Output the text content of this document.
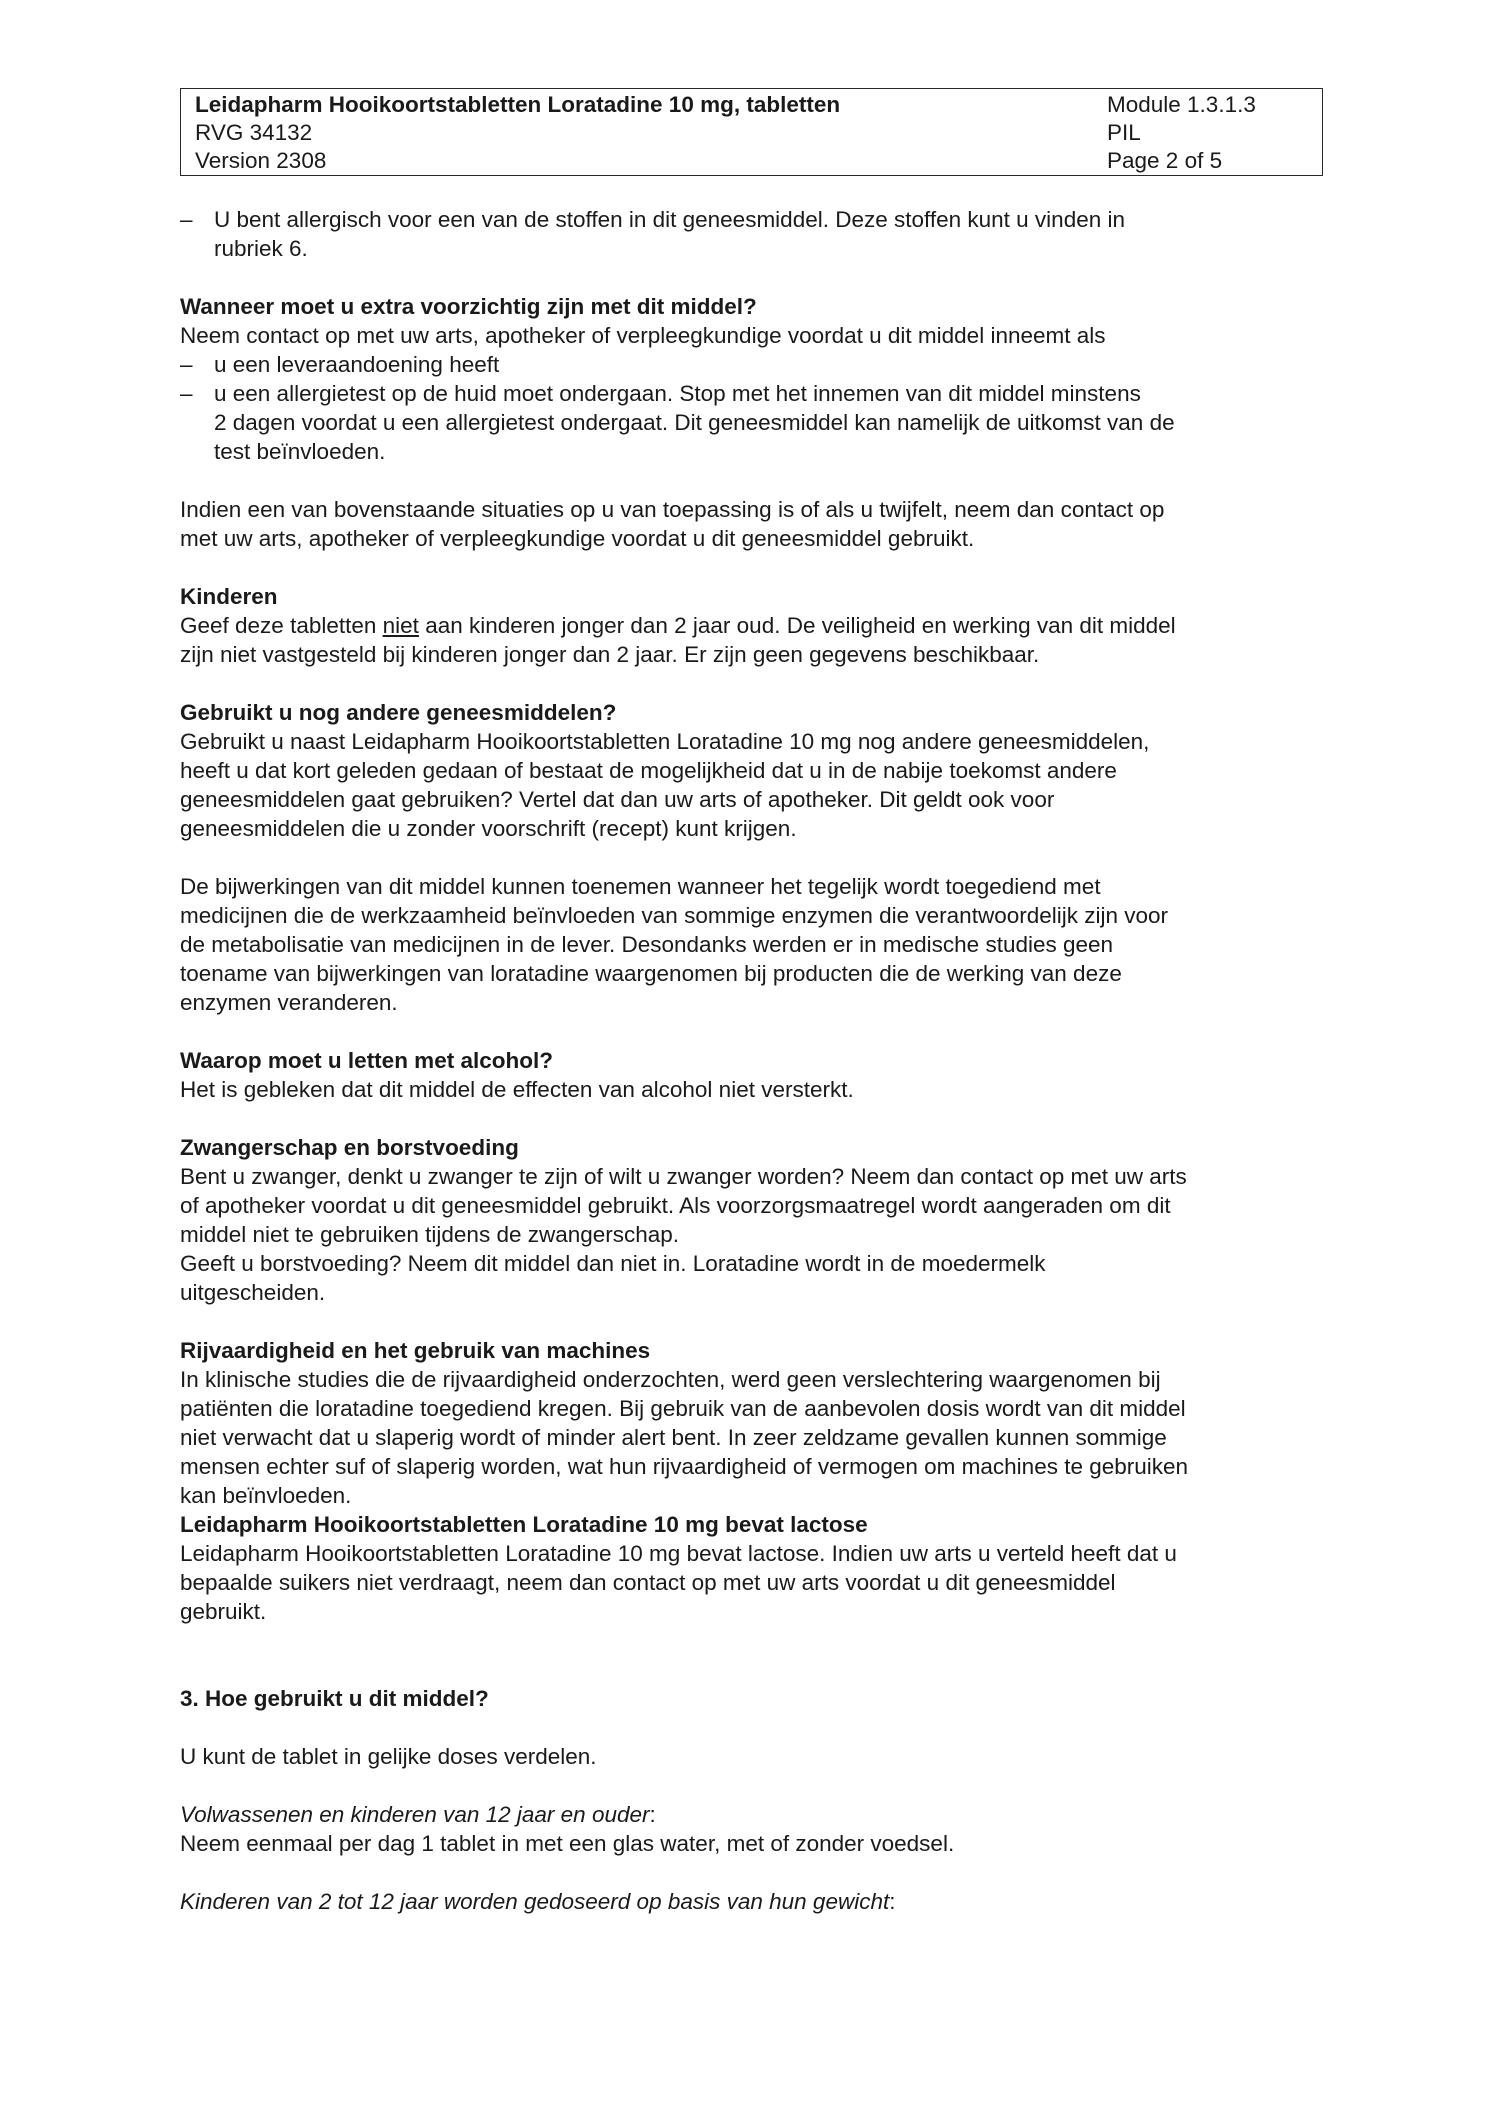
Leidapharm Hooikoortstabletten Loratadine 10 mg, tabletten
RVG 34132
Version 2308
Module 1.3.1.3
PIL
Page 2 of 5
– U bent allergisch voor een van de stoffen in dit geneesmiddel. Deze stoffen kunt u vinden in

rubriek 6.

Wanneer moet u extra voorzichtig zijn met dit middel?

Neem contact op met uw arts, apotheker of verpleegkundige voordat u dit middel inneemt als

– u een leveraandoening heeft

– u een allergietest op de huid moet ondergaan. Stop met het innemen van dit middel minstens

2 dagen voordat u een allergietest ondergaat. Dit geneesmiddel kan namelijk de uitkomst van de

test beïnvloeden.

Indien een van bovenstaande situaties op u van toepassing is of als u twijfelt, neem dan contact op

met uw arts, apotheker of verpleegkundige voordat u dit geneesmiddel gebruikt.

Kinderen

Geef deze tabletten niet aan kinderen jonger dan 2 jaar oud. De veiligheid en werking van dit middel

zijn niet vastgesteld bij kinderen jonger dan 2 jaar. Er zijn geen gegevens beschikbaar.

Gebruikt u nog andere geneesmiddelen?

Gebruikt u naast Leidapharm Hooikoortstabletten Loratadine 10 mg nog andere geneesmiddelen,

heeft u dat kort geleden gedaan of bestaat de mogelijkheid dat u in de nabije toekomst andere

geneesmiddelen gaat gebruiken? Vertel dat dan uw arts of apotheker. Dit geldt ook voor

geneesmiddelen die u zonder voorschrift (recept) kunt krijgen.

De bijwerkingen van dit middel kunnen toenemen wanneer het tegelijk wordt toegediend met

medicijnen die de werkzaamheid beïnvloeden van sommige enzymen die verantwoordelijk zijn voor

de metabolisatie van medicijnen in de lever. Desondanks werden er in medische studies geen

toename van bijwerkingen van loratadine waargenomen bij producten die de werking van deze

enzymen veranderen.

Waarop moet u letten met alcohol?

Het is gebleken dat dit middel de effecten van alcohol niet versterkt.

Zwangerschap en borstvoeding

Bent u zwanger, denkt u zwanger te zijn of wilt u zwanger worden? Neem dan contact op met uw arts

of apotheker voordat u dit geneesmiddel gebruikt. Als voorzorgsmaatregel wordt aangeraden om dit

middel niet te gebruiken tijdens de zwangerschap.

Geeft u borstvoeding? Neem dit middel dan niet in. Loratadine wordt in de moedermelk

uitgescheiden.

Rijvaardigheid en het gebruik van machines

In klinische studies die de rijvaardigheid onderzochten, werd geen verslechtering waargenomen bij

patiënten die loratadine toegediend kregen. Bij gebruik van de aanbevolen dosis wordt van dit middel

niet verwacht dat u slaperig wordt of minder alert bent. In zeer zeldzame gevallen kunnen sommige

mensen echter suf of slaperig worden, wat hun rijvaardigheid of vermogen om machines te gebruiken

kan beïnvloeden.

Leidapharm Hooikoortstabletten Loratadine 10 mg bevat lactose

Leidapharm Hooikoortstabletten Loratadine 10 mg bevat lactose. Indien uw arts u verteld heeft dat u

bepaalde suikers niet verdraagt, neem dan contact op met uw arts voordat u dit geneesmiddel

gebruikt.

3. Hoe gebruikt u dit middel?

U kunt de tablet in gelijke doses verdelen.

Volwassenen en kinderen van 12 jaar en ouder:

Neem eenmaal per dag 1 tablet in met een glas water, met of zonder voedsel.

Kinderen van 2 tot 12 jaar worden gedoseerd op basis van hun gewicht:
